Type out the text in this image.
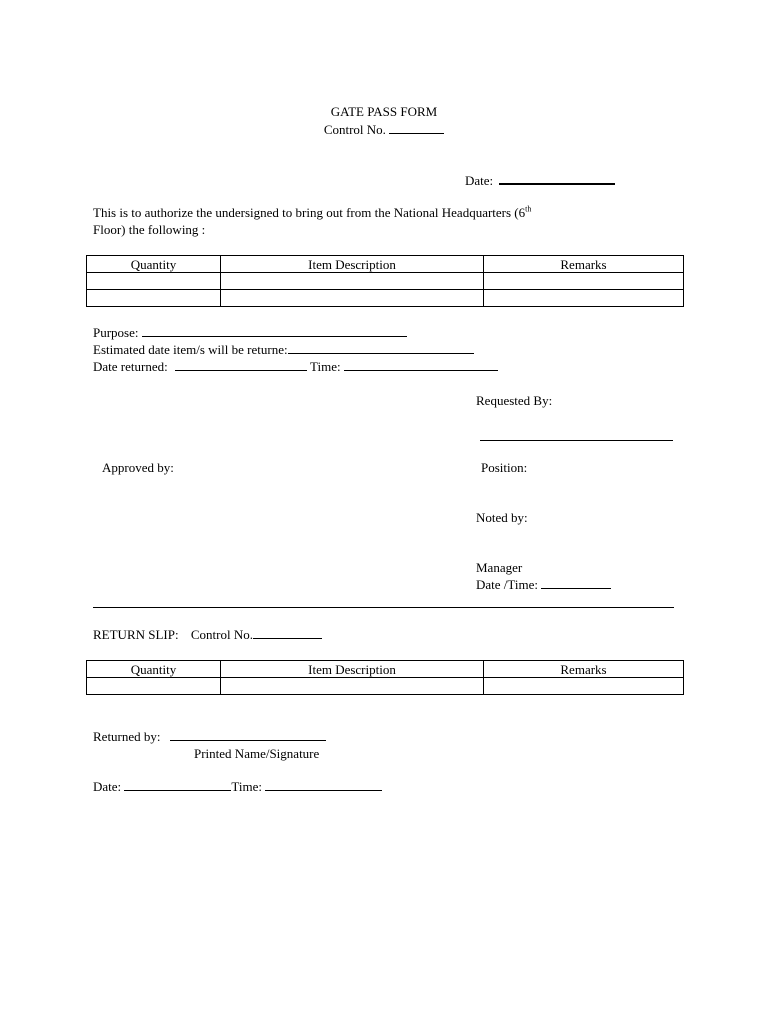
GATE PASS FORM
Control No.
Date:
This is to authorize the undersigned to bring out from the National Headquarters (6th
Floor) the following :
Quantity	Item Description	Remarks

Purpose:
Estimated date item/s will be returne:
Date returned:	Time:
Requested By:
Approved by:	Position:
Noted by:
Manager
Date /Time:
RETURN SLIP: Control No.
Quantity	Item Description	Remarks

Returned by:
Printed Name/Signature
Date:	Time:
